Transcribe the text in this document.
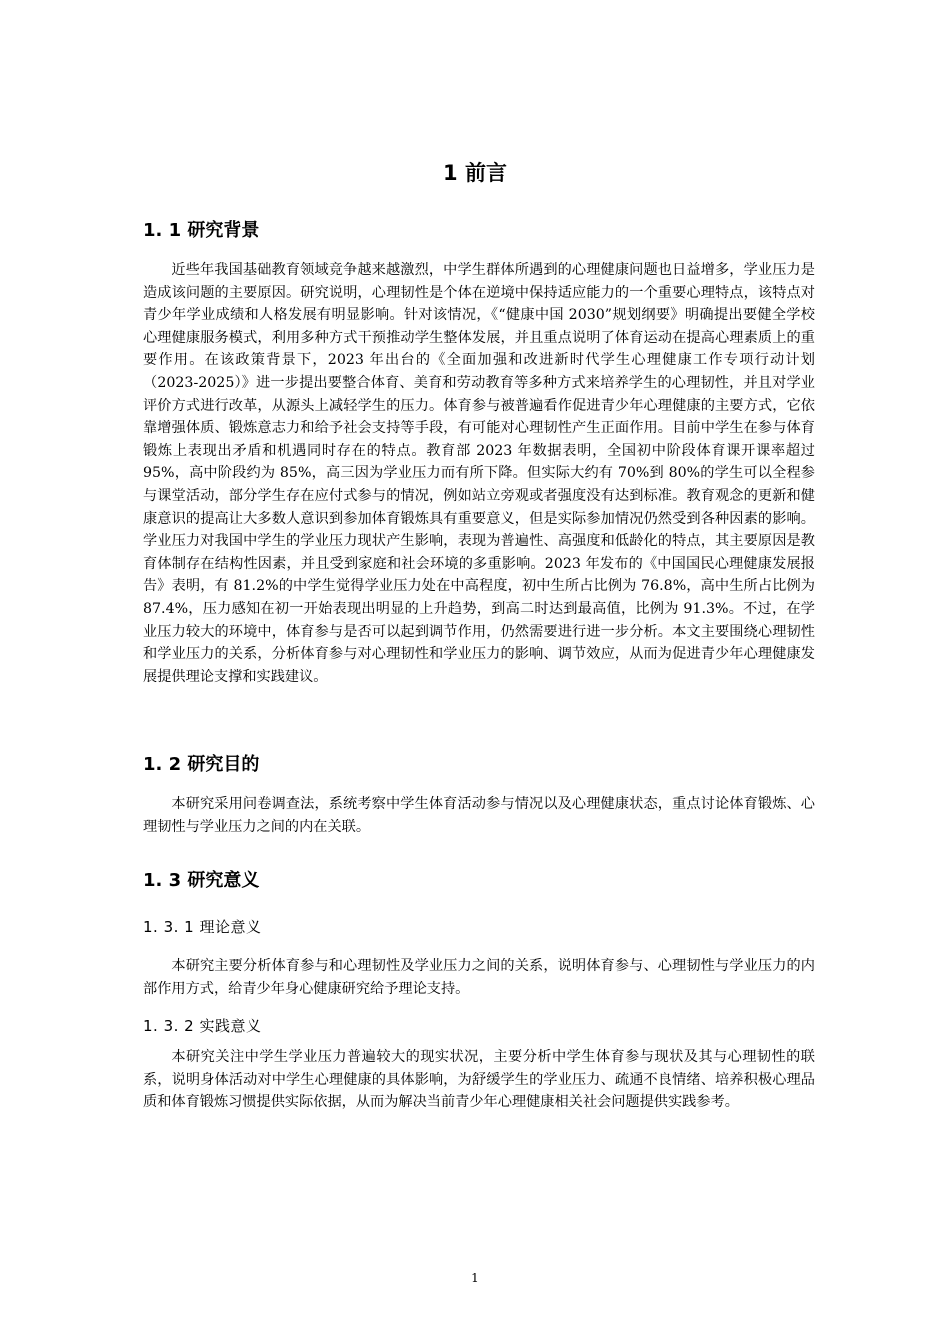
1 前言
1. 1 研究背景

近些年我国基础教育领域竞争越来越激烈，中学生群体所遇到的心理健康问题也日益增多，学业压力是造成该问题的主要原因。研究说明，心理韧性是个体在逆境中保持适应能力的一个重要心理特点，该特点对青少年学业成绩和人格发展有明显影响。针对该情况，《“健康中国 2030”规划纲要》明确提出要健全学校心理健康服务模式，利用多种方式干预推动学生整体发展，并且重点说明了体育运动在提高心理素质上的重要作用。在该政策背景下，2023 年出台的《全面加强和改进新时代学生心理健康工作专项行动计划（2023-2025）》进一步提出要整合体育、美育和劳动教育等多种方式来培养学生的心理韧性，并且对学业评价方式进行改革，从源头上减轻学生的压力。体育参与被普遍看作促进青少年心理健康的主要方式，它依靠增强体质、锻炼意志力和给予社会支持等手段，有可能对心理韧性产生正面作用。目前中学生在参与体育锻炼上表现出矛盾和机遇同时存在的特点。教育部 2023 年数据表明，全国初中阶段体育课开课率超过 95%，高中阶段约为 85%，高三因为学业压力而有所下降。但实际大约有 70%到 80%的学生可以全程参与课堂活动，部分学生存在应付式参与的情况，例如站立旁观或者强度没有达到标准。教育观念的更新和健康意识的提高让大多数人意识到参加体育锻炼具有重要意义，但是实际参加情况仍然受到各种因素的影响。学业压力对我国中学生的学业压力现状产生影响，表现为普遍性、高强度和低龄化的特点，其主要原因是教育体制存在结构性因素，并且受到家庭和社会环境的多重影响。2023 年发布的《中国国民心理健康发展报告》表明，有 81.2%的中学生觉得学业压力处在中高程度，初中生所占比例为 76.8%，高中生所占比例为 87.4%，压力感知在初一开始表现出明显的上升趋势，到高二时达到最高值，比例为 91.3%。不过，在学业压力较大的环境中，体育参与是否可以起到调节作用，仍然需要进行进一步分析。本文主要围绕心理韧性和学业压力的关系，分析体育参与对心理韧性和学业压力的影响、调节效应，从而为促进青少年心理健康发展提供理论支撑和实践建议。

1. 2 研究目的

本研究采用问卷调查法，系统考察中学生体育活动参与情况以及心理健康状态，重点讨论体育锻炼、心理韧性与学业压力之间的内在关联。

1. 3 研究意义
1. 3. 1 理论意义

本研究主要分析体育参与和心理韧性及学业压力之间的关系，说明体育参与、心理韧性与学业压力的内部作用方式，给青少年身心健康研究给予理论支持。

1. 3. 2 实践意义

本研究关注中学生学业压力普遍较大的现实状况，主要分析中学生体育参与现状及其与心理韧性的联系，说明身体活动对中学生心理健康的具体影响，为舒缓学生的学业压力、疏通不良情绪、培养积极心理品质和体育锻炼习惯提供实际依据，从而为解决当前青少年心理健康相关社会问题提供实践参考。

1
